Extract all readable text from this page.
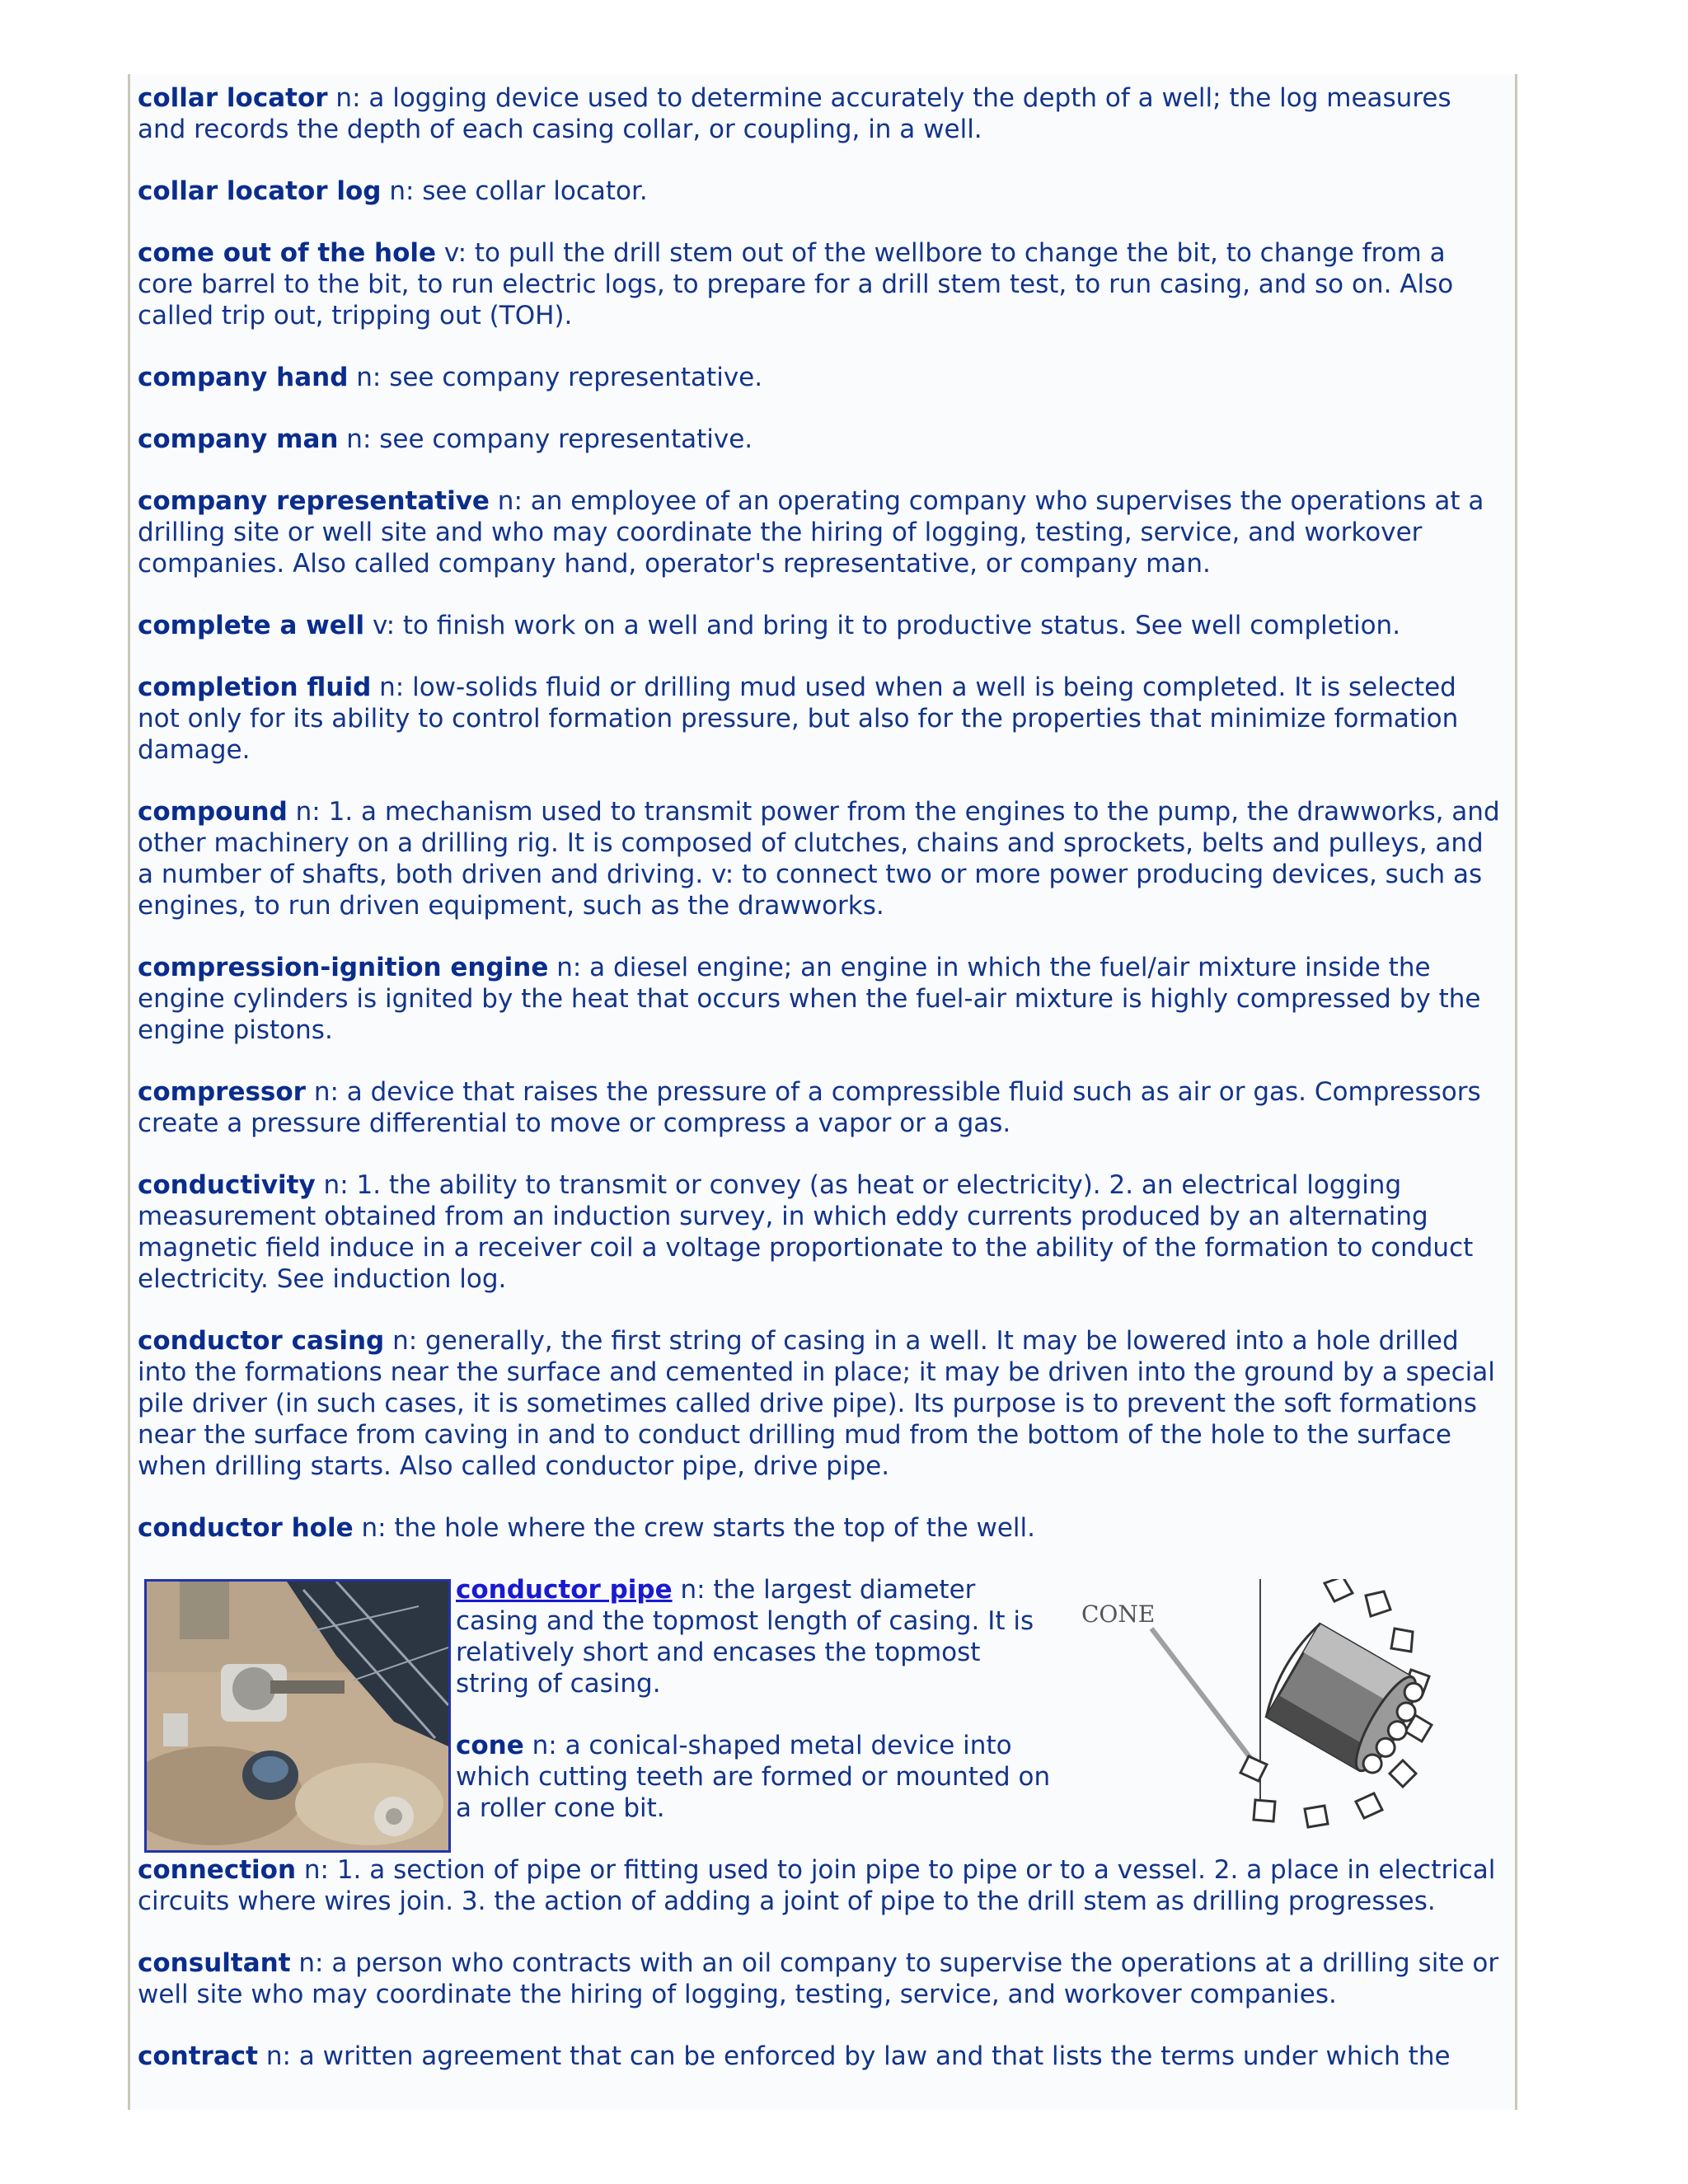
collar locator n: a logging device used to determine accurately the depth of a well; the log measures and records the depth of each casing collar, or coupling, in a well.

collar locator log n: see collar locator.

come out of the hole v: to pull the drill stem out of the wellbore to change the bit, to change from a core barrel to the bit, to run electric logs, to prepare for a drill stem test, to run casing, and so on. Also called trip out, tripping out (TOH).

company hand n: see company representative.

company man n: see company representative.

company representative n: an employee of an operating company who supervises the operations at a drilling site or well site and who may coordinate the hiring of logging, testing, service, and workover companies. Also called company hand, operator's representative, or company man.

complete a well v: to finish work on a well and bring it to productive status. See well completion.

completion fluid n: low-solids fluid or drilling mud used when a well is being completed. It is selected not only for its ability to control formation pressure, but also for the properties that minimize formation damage.

compound n: 1. a mechanism used to transmit power from the engines to the pump, the drawworks, and other machinery on a drilling rig. It is composed of clutches, chains and sprockets, belts and pulleys, and a number of shafts, both driven and driving. v: to connect two or more power producing devices, such as engines, to run driven equipment, such as the drawworks.

compression-ignition engine n: a diesel engine; an engine in which the fuel/air mixture inside the engine cylinders is ignited by the heat that occurs when the fuel-air mixture is highly compressed by the engine pistons.

compressor n: a device that raises the pressure of a compressible fluid such as air or gas. Compressors create a pressure differential to move or compress a vapor or a gas.

conductivity n: 1. the ability to transmit or convey (as heat or electricity). 2. an electrical logging measurement obtained from an induction survey, in which eddy currents produced by an alternating magnetic field induce in a receiver coil a voltage proportionate to the ability of the formation to conduct electricity. See induction log.

conductor casing n: generally, the first string of casing in a well. It may be lowered into a hole drilled into the formations near the surface and cemented in place; it may be driven into the ground by a special pile driver (in such cases, it is sometimes called drive pipe). Its purpose is to prevent the soft formations near the surface from caving in and to conduct drilling mud from the bottom of the hole to the surface when drilling starts. Also called conductor pipe, drive pipe.

conductor hole n: the hole where the crew starts the top of the well.

CONE

conductor pipe n: the largest diameter casing and the topmost length of casing. It is relatively short and encases the topmost string of casing.

cone n: a conical-shaped metal device into which cutting teeth are formed or mounted on a roller cone bit.

connection n: 1. a section of pipe or fitting used to join pipe to pipe or to a vessel. 2. a place in electrical circuits where wires join. 3. the action of adding a joint of pipe to the drill stem as drilling progresses.

consultant n: a person who contracts with an oil company to supervise the operations at a drilling site or well site who may coordinate the hiring of logging, testing, service, and workover companies.

contract n: a written agreement that can be enforced by law and that lists the terms under which the
